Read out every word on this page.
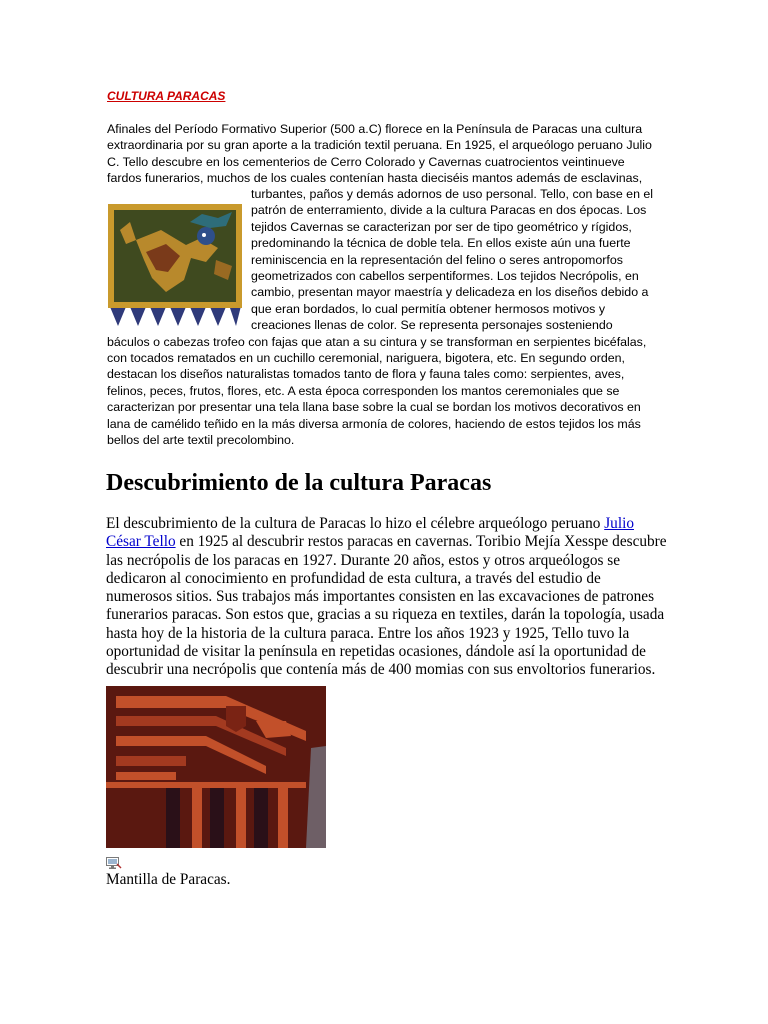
CULTURA PARACAS

Afinales del Período Formativo Superior (500 a.C) florece en la Península de Paracas una cultura
extraordinaria por su gran aporte a la tradición textil peruana. En 1925, el arqueólogo peruano Julio
C. Tello descubre en los cementerios de Cerro Colorado y Cavernas cuatrocientos veintinueve
fardos funerarios, muchos de los cuales contenían hasta dieciséis mantos además de esclavinas,
turbantes, paños y demás adornos de uso personal. Tello, con base en el
patrón de enterramiento, divide a la cultura Paracas en dos épocas. Los
tejidos Cavernas se caracterizan por ser de tipo geométrico y rígidos,
predominando la técnica de doble tela. En ellos existe aún una fuerte
reminiscencia en la representación del felino o seres antropomorfos
geometrizados con cabellos serpentiformes. Los tejidos Necrópolis, en
cambio, presentan mayor maestría y delicadeza en los diseños debido a
que eran bordados, lo cual permitía obtener hermosos motivos y
creaciones llenas de color. Se representa personajes sosteniendo
báculos o cabezas trofeo con fajas que atan a su cintura y se transforman en serpientes bicéfalas,
con tocados rematados en un cuchillo ceremonial, nariguera, bigotera, etc. En segundo orden,
destacan los diseños naturalistas tomados tanto de flora y fauna tales como: serpientes, aves,
felinos, peces, frutos, flores, etc. A esta época corresponden los mantos ceremoniales que se
caracterizan por presentar una tela llana base sobre la cual se bordan los motivos decorativos en
lana de camélido teñido en la más diversa armonía de colores, haciendo de estos tejidos los más
bellos del arte textil precolombino.
Descubrimiento de la cultura Paracas
El descubrimiento de la cultura de Paracas lo hizo el célebre arqueólogo peruano Julio
César Tello en 1925 al descubrir restos paracas en cavernas. Toribio Mejía Xesspe descubre
las necrópolis de los paracas en 1927. Durante 20 años, estos y otros arqueólogos se
dedicaron al conocimiento en profundidad de esta cultura, a través del estudio de
numerosos sitios. Sus trabajos más importantes consisten en las excavaciones de patrones
funerarios paracas. Son estos que, gracias a su riqueza en textiles, darán la topología, usada
hasta hoy de la historia de la cultura paraca. Entre los años 1923 y 1925, Tello tuvo la
oportunidad de visitar la península en repetidas ocasiones, dándole así la oportunidad de
descubrir una necrópolis que contenía más de 400 momias con sus envoltorios funerarios.

Mantilla de Paracas.
